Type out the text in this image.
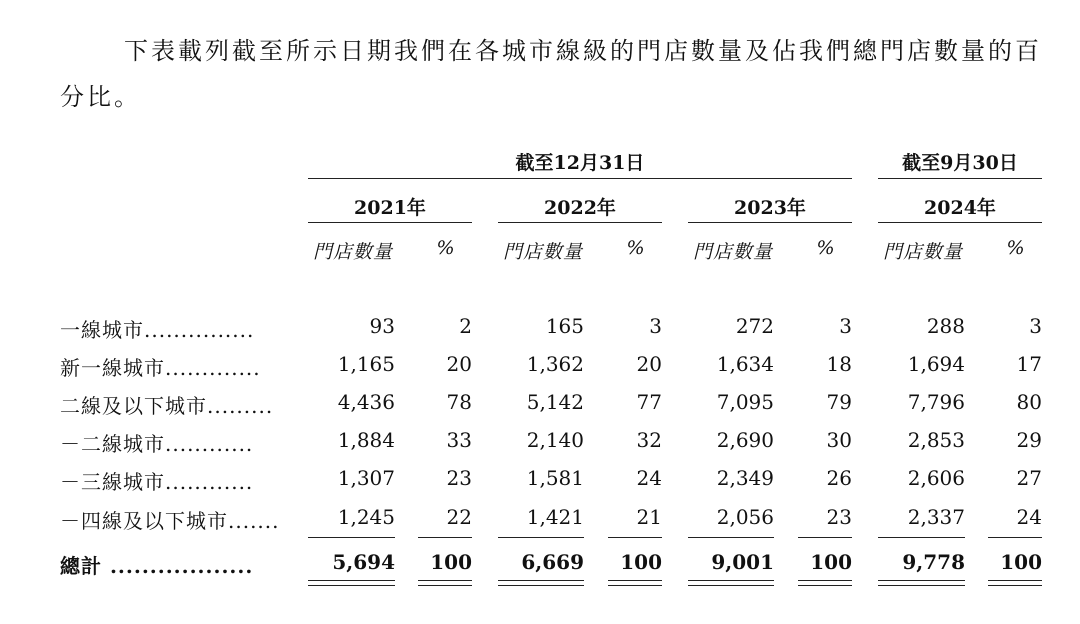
下表載列截至所示日期我們在各城市線級的門店數量及佔我們總門店數量的百分比。
截至12月31日	截至9月30日
2021年	2022年	2023年	2024年
門店數量 % 門店數量 % 門店數量 % 門店數量 %
一線城市...............	93	2	165	3	272	3	288	3
新一線城市.............	1,165	20	1,362	20	1,634	18	1,694	17
二線及以下城市.........	4,436	78	5,142	77	7,095	79	7,796	80
－二線城市............	1,884	33	2,140	32	2,690	30	2,853	29
－三線城市............	1,307	23	1,581	24	2,349	26	2,606	27
－四線及以下城市.......	1,245	22	1,421	21	2,056	23	2,337	24
總計 ..................	5,694	100	6,669	100	9,001	100	9,778	100
